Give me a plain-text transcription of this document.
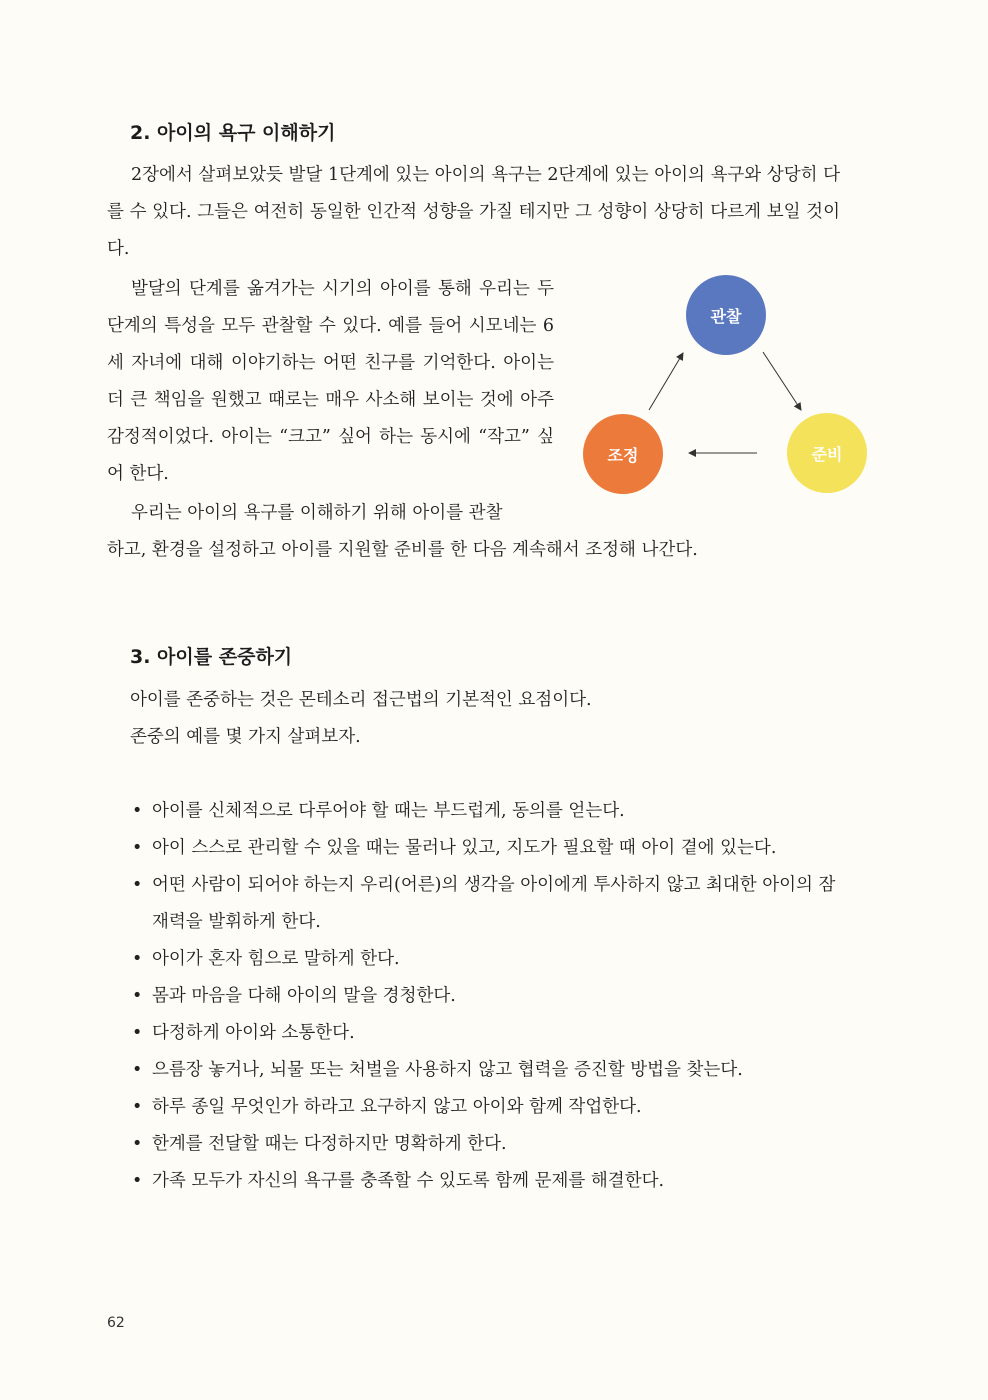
2. 아이의 욕구 이해하기

2장에서 살펴보았듯 발달 1단계에 있는 아이의 욕구는 2단계에 있는 아이의 욕구와 상당히 다를 수 있다. 그들은 여전히 동일한 인간적 성향을 가질 테지만 그 성향이 상당히 다르게 보일 것이다.

발달의 단계를 옮겨가는 시기의 아이를 통해 우리는 두 단계의 특성을 모두 관찰할 수 있다. 예를 들어 시모네는 6세 자녀에 대해 이야기하는 어떤 친구를 기억한다. 아이는 더 큰 책임을 원했고 때로는 매우 사소해 보이는 것에 아주 감정적이었다. 아이는 “크고” 싶어 하는 동시에 “작고” 싶어 한다.

우리는 아이의 욕구를 이해하기 위해 아이를 관찰

하고, 환경을 설정하고 아이를 지원할 준비를 한 다음 계속해서 조정해 나간다.

관찰
준비
조정
3. 아이를 존중하기

아이를 존중하는 것은 몬테소리 접근법의 기본적인 요점이다.

존중의 예를 몇 가지 살펴보자.

• 아이를 신체적으로 다루어야 할 때는 부드럽게, 동의를 얻는다.
• 아이 스스로 관리할 수 있을 때는 물러나 있고, 지도가 필요할 때 아이 곁에 있는다.
• 어떤 사람이 되어야 하는지 우리(어른)의 생각을 아이에게 투사하지 않고 최대한 아이의 잠재력을 발휘하게 한다.
• 아이가 혼자 힘으로 말하게 한다.
• 몸과 마음을 다해 아이의 말을 경청한다.
• 다정하게 아이와 소통한다.
• 으름장 놓거나, 뇌물 또는 처벌을 사용하지 않고 협력을 증진할 방법을 찾는다.
• 하루 종일 무엇인가 하라고 요구하지 않고 아이와 함께 작업한다.
• 한계를 전달할 때는 다정하지만 명확하게 한다.
• 가족 모두가 자신의 욕구를 충족할 수 있도록 함께 문제를 해결한다.
62
